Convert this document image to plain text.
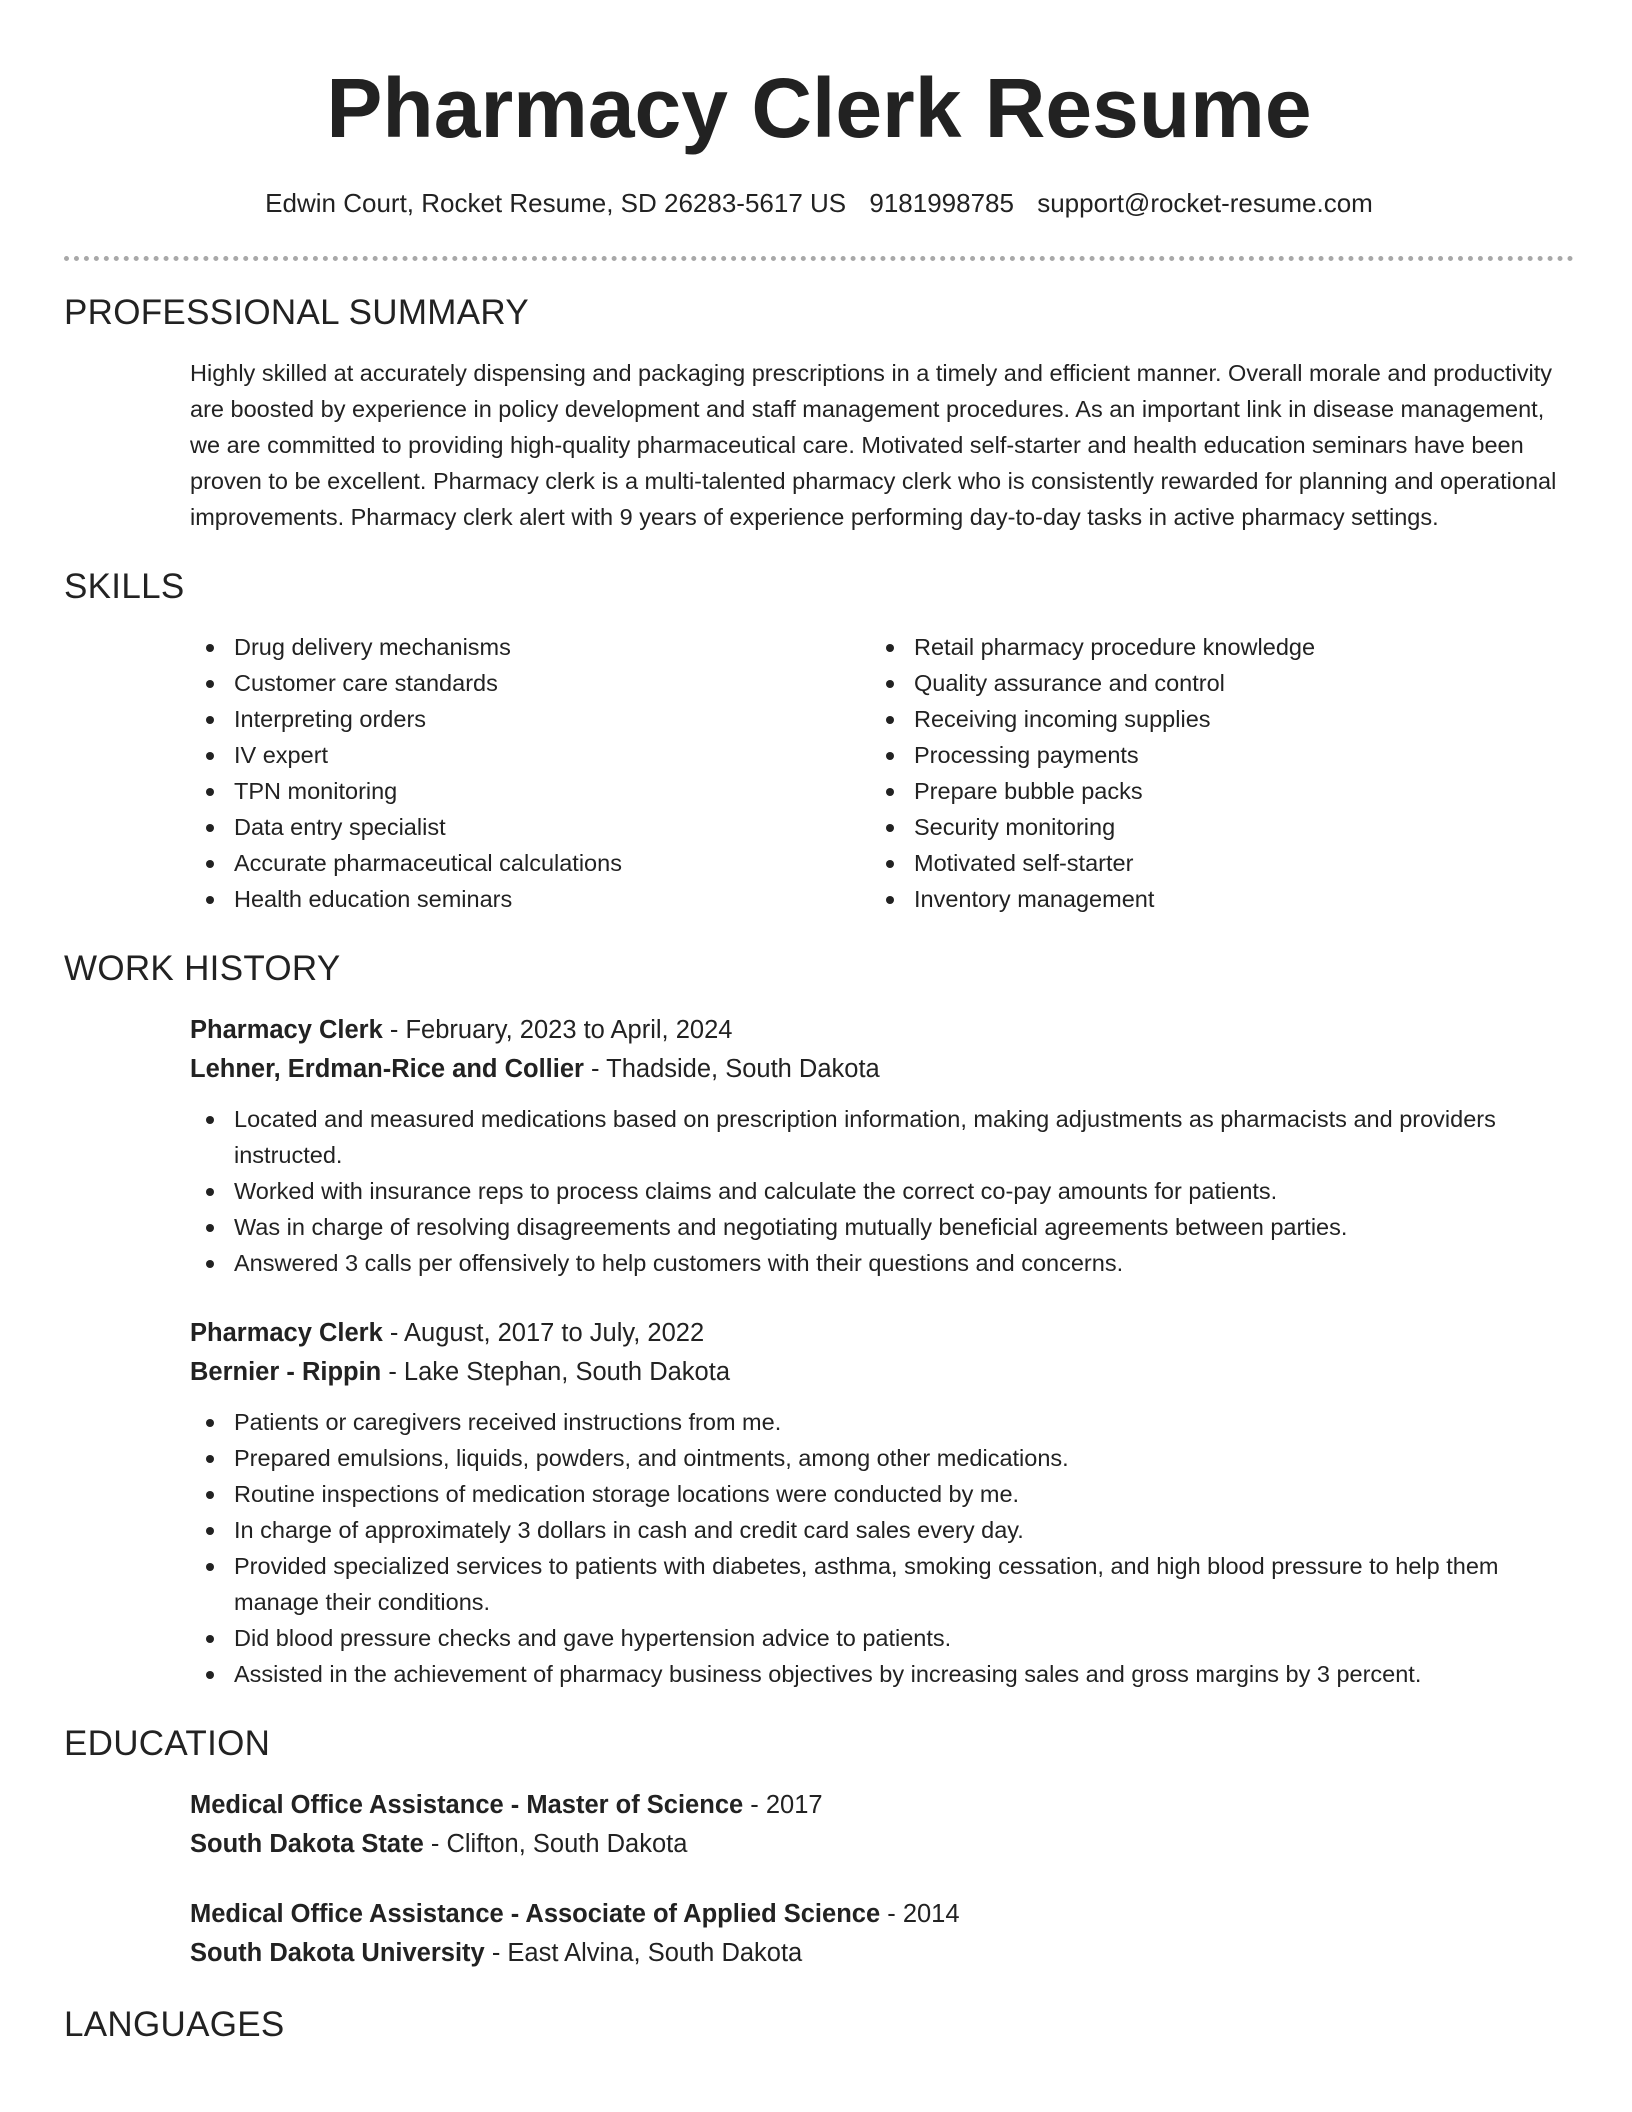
Pharmacy Clerk Resume
Edwin Court, Rocket Resume, SD 26283-5617 US 9181998785 support@rocket-resume.com
PROFESSIONAL SUMMARY

Highly skilled at accurately dispensing and packaging prescriptions in a timely and efficient manner. Overall morale and productivity are boosted by experience in policy development and staff management procedures. As an important link in disease management, we are committed to providing high-quality pharmaceutical care. Motivated self-starter and health education seminars have been proven to be excellent. Pharmacy clerk is a multi-talented pharmacy clerk who is consistently rewarded for planning and operational improvements. Pharmacy clerk alert with 9 years of experience performing day-to-day tasks in active pharmacy settings.

SKILLS
Drug delivery mechanisms
Customer care standards
Interpreting orders
IV expert
TPN monitoring
Data entry specialist
Accurate pharmaceutical calculations
Health education seminars
Retail pharmacy procedure knowledge
Quality assurance and control
Receiving incoming supplies
Processing payments
Prepare bubble packs
Security monitoring
Motivated self-starter
Inventory management
WORK HISTORY
Pharmacy Clerk - February, 2023 to April, 2024
Lehner, Erdman-Rice and Collier - Thadside, South Dakota
Located and measured medications based on prescription information, making adjustments as pharmacists and providers instructed.
Worked with insurance reps to process claims and calculate the correct co-pay amounts for patients.
Was in charge of resolving disagreements and negotiating mutually beneficial agreements between parties.
Answered 3 calls per offensively to help customers with their questions and concerns.
Pharmacy Clerk - August, 2017 to July, 2022
Bernier - Rippin - Lake Stephan, South Dakota
Patients or caregivers received instructions from me.
Prepared emulsions, liquids, powders, and ointments, among other medications.
Routine inspections of medication storage locations were conducted by me.
In charge of approximately 3 dollars in cash and credit card sales every day.
Provided specialized services to patients with diabetes, asthma, smoking cessation, and high blood pressure to help them manage their conditions.
Did blood pressure checks and gave hypertension advice to patients.
Assisted in the achievement of pharmacy business objectives by increasing sales and gross margins by 3 percent.
EDUCATION
Medical Office Assistance - Master of Science - 2017
South Dakota State - Clifton, South Dakota
Medical Office Assistance - Associate of Applied Science - 2014
South Dakota University - East Alvina, South Dakota
LANGUAGES
